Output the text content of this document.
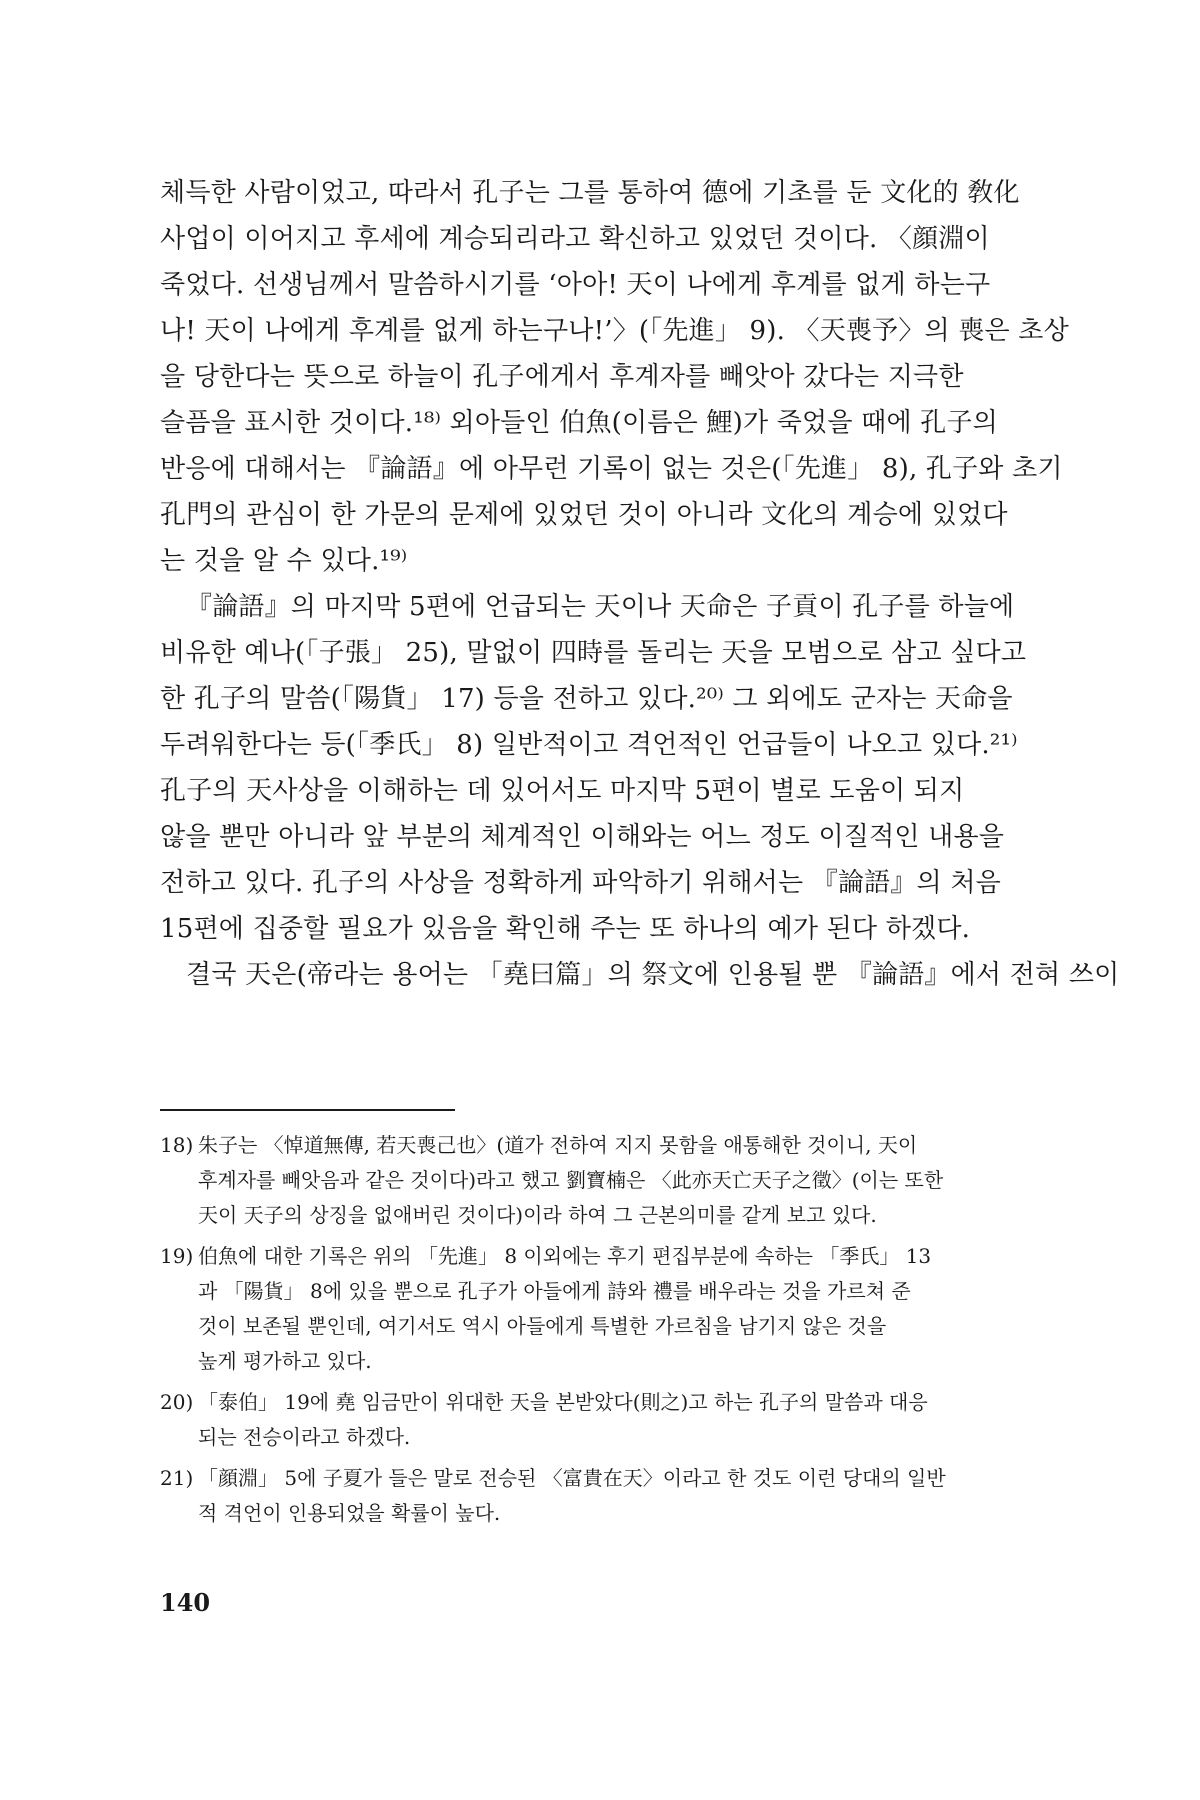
체득한 사람이었고, 따라서 孔子는 그를 통하여 德에 기초를 둔 文化的 敎化
사업이 이어지고 후세에 계승되리라고 확신하고 있었던 것이다. 〈顔淵이
죽었다. 선생님께서 말씀하시기를 ‘아아! 天이 나에게 후계를 없게 하는구
나! 天이 나에게 후계를 없게 하는구나!’〉(「先進」 9). 〈天喪予〉의 喪은 초상
을 당한다는 뜻으로 하늘이 孔子에게서 후계자를 빼앗아 갔다는 지극한
슬픔을 표시한 것이다.¹⁸⁾ 외아들인 伯魚(이름은 鯉)가 죽었을 때에 孔子의
반응에 대해서는 『論語』에 아무런 기록이 없는 것은(「先進」 8), 孔子와 초기
孔門의 관심이 한 가문의 문제에 있었던 것이 아니라 文化의 계승에 있었다
는 것을 알 수 있다.¹⁹⁾
『論語』의 마지막 5편에 언급되는 天이나 天命은 子貢이 孔子를 하늘에
비유한 예나(「子張」 25), 말없이 四時를 돌리는 天을 모범으로 삼고 싶다고
한 孔子의 말씀(「陽貨」 17) 등을 전하고 있다.²⁰⁾ 그 외에도 군자는 天命을
두려워한다는 등(「季氏」 8) 일반적이고 격언적인 언급들이 나오고 있다.²¹⁾
孔子의 天사상을 이해하는 데 있어서도 마지막 5편이 별로 도움이 되지
않을 뿐만 아니라 앞 부분의 체계적인 이해와는 어느 정도 이질적인 내용을
전하고 있다. 孔子의 사상을 정확하게 파악하기 위해서는 『論語』의 처음
15편에 집중할 필요가 있음을 확인해 주는 또 하나의 예가 된다 하겠다.
결국 天은(帝라는 용어는 「堯曰篇」의 祭文에 인용될 뿐 『論語』에서 전혀 쓰이
18) 朱子는 〈悼道無傳, 若天喪己也〉(道가 전하여 지지 못함을 애통해한 것이니, 天이
후계자를 빼앗음과 같은 것이다)라고 했고 劉寶楠은 〈此亦天亡天子之徵〉(이는 또한
天이 天子의 상징을 없애버린 것이다)이라 하여 그 근본의미를 같게 보고 있다.
19) 伯魚에 대한 기록은 위의 「先進」 8 이외에는 후기 편집부분에 속하는 「季氏」 13
과 「陽貨」 8에 있을 뿐으로 孔子가 아들에게 詩와 禮를 배우라는 것을 가르쳐 준
것이 보존될 뿐인데, 여기서도 역시 아들에게 특별한 가르침을 남기지 않은 것을
높게 평가하고 있다.
20) 「泰伯」 19에 堯 임금만이 위대한 天을 본받았다(則之)고 하는 孔子의 말씀과 대응
되는 전승이라고 하겠다.
21) 「顔淵」 5에 子夏가 들은 말로 전승된 〈富貴在天〉이라고 한 것도 이런 당대의 일반
적 격언이 인용되었을 확률이 높다.
140
